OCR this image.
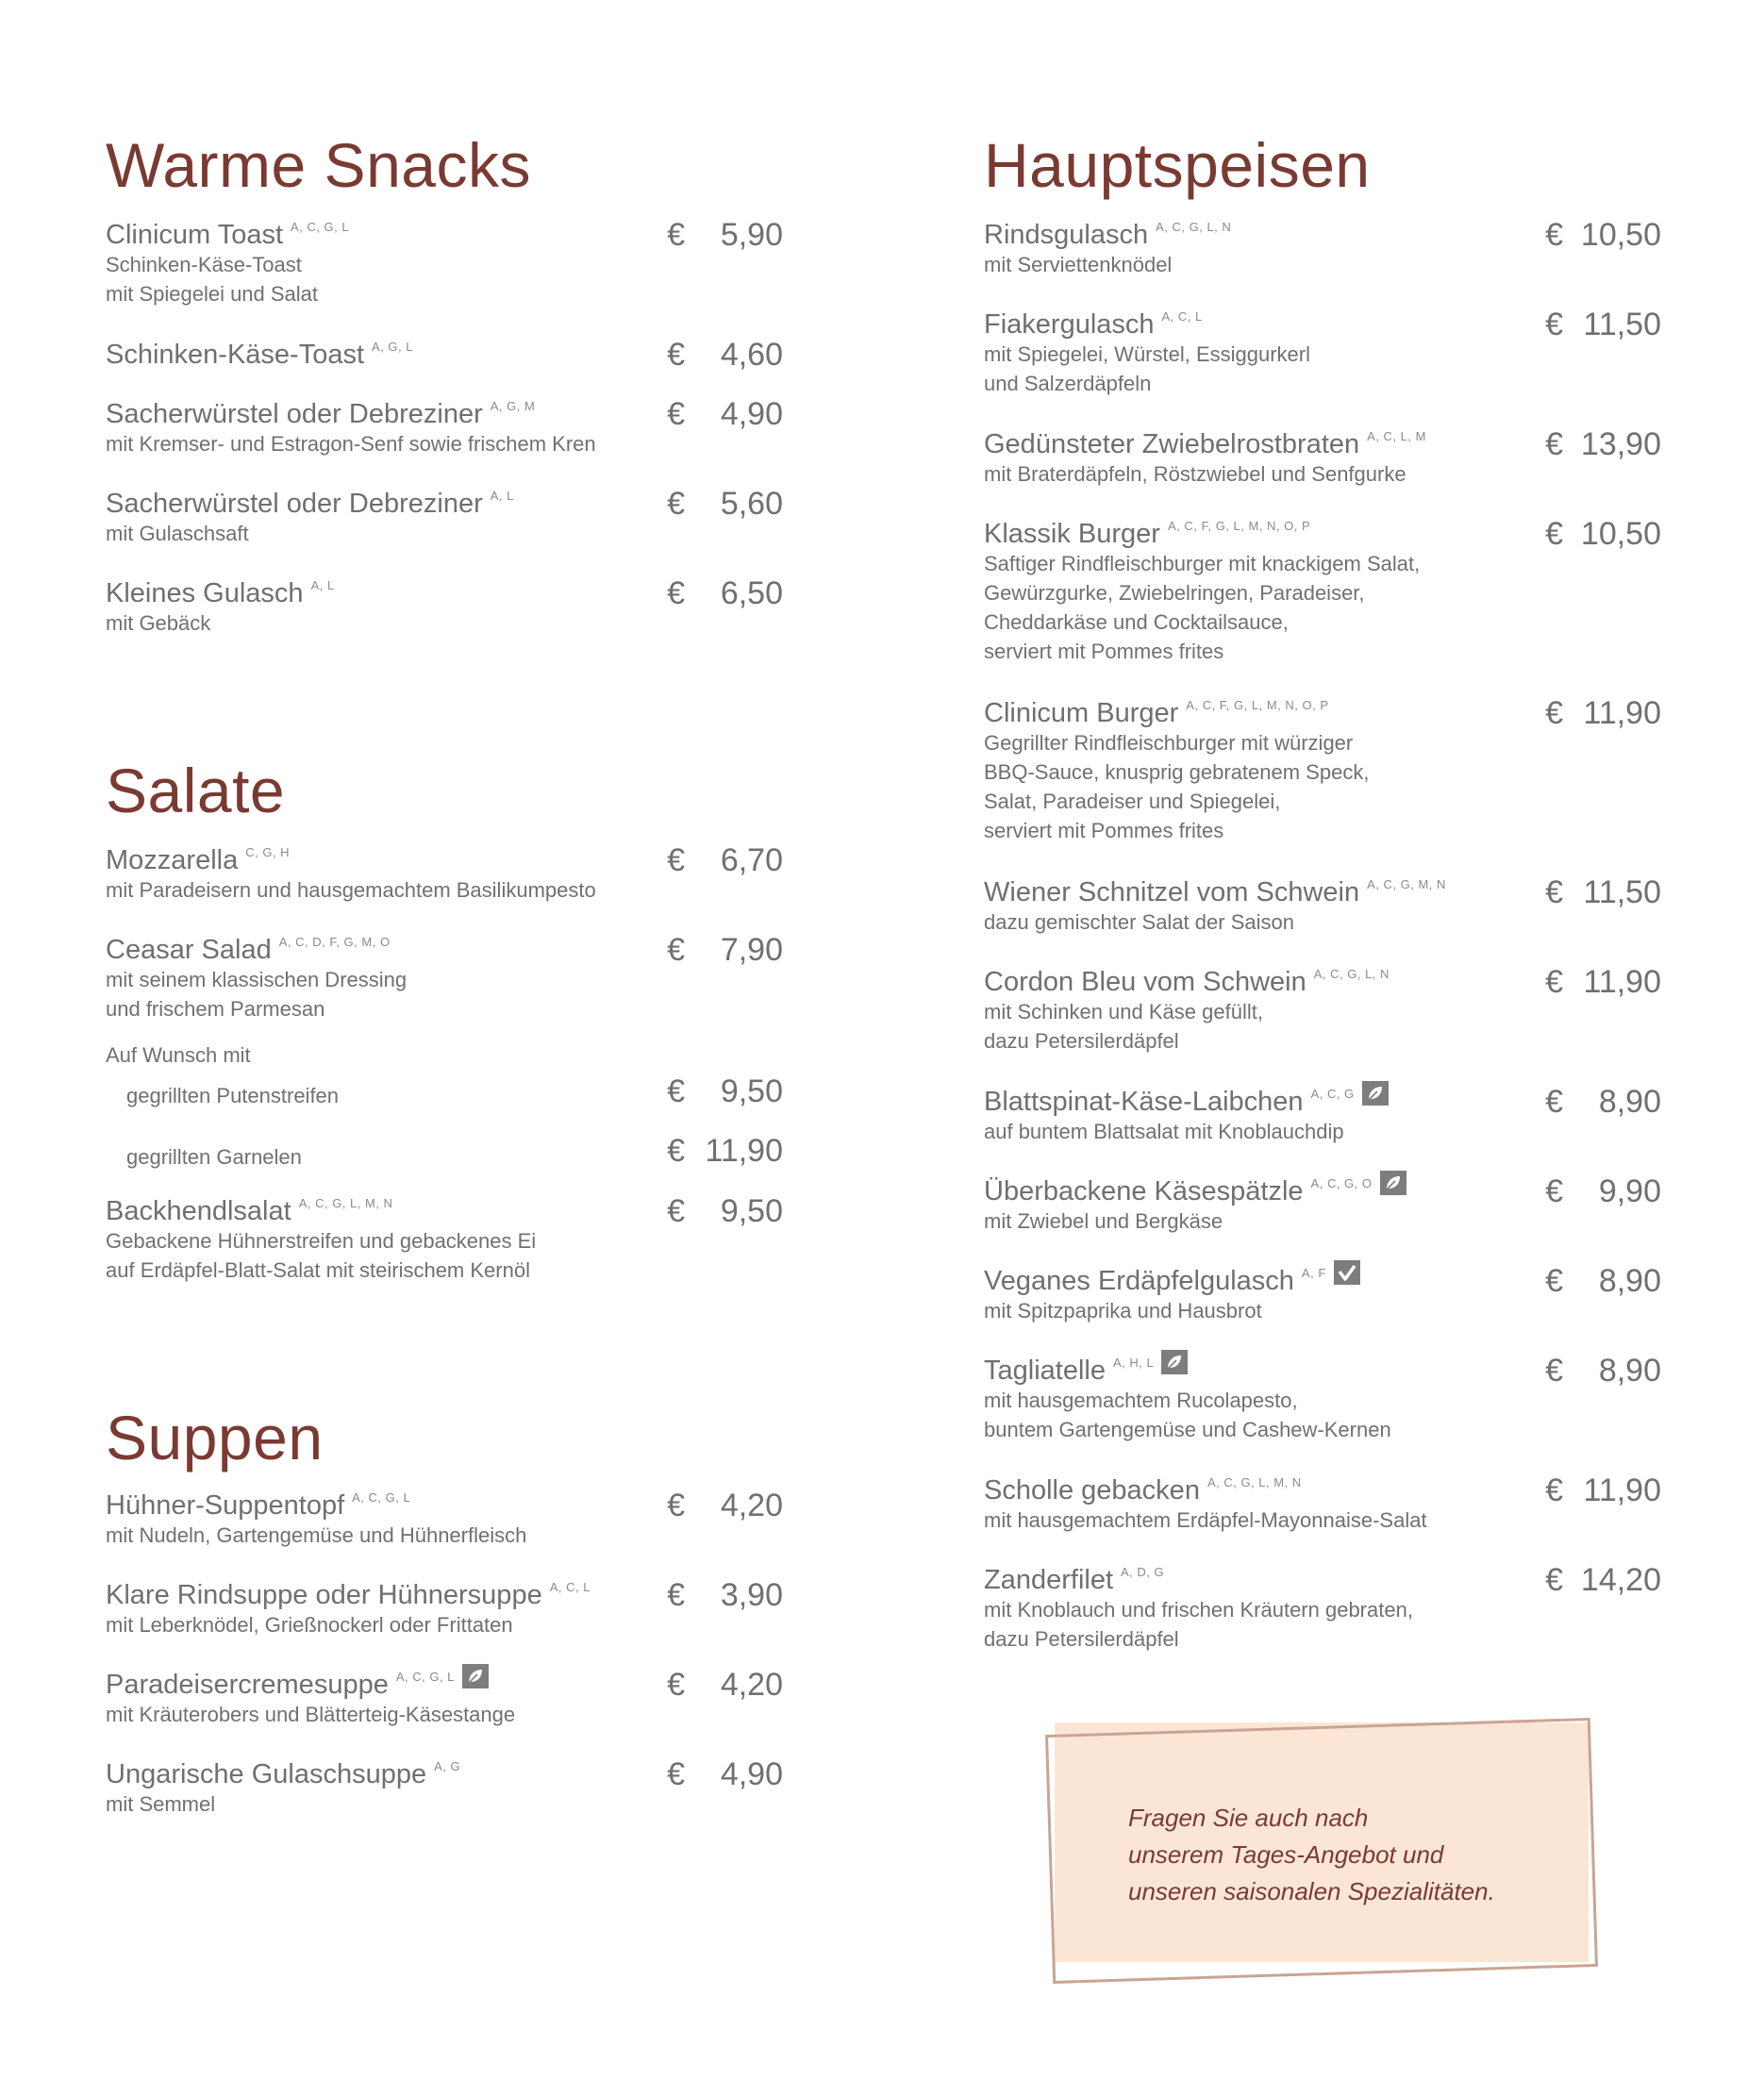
Warme Snacks
Clinicum Toast A, C, G, L
Schinken-Käse-Toast
mit Spiegelei und Salat
€ 5,90
Schinken-Käse-Toast A, G, L	€ 4,60
Sacherwürstel oder Debreziner A, G, M
mit Kremser- und Estragon-Senf sowie frischem Kren
€ 4,90
Sacherwürstel oder Debreziner A, L
mit Gulaschsaft
€ 5,60
Kleines Gulasch A, L
mit Gebäck
€ 6,50
Salate
Mozzarella C, G, H
mit Paradeisern und hausgemachtem Basilikumpesto
€ 6,70
Ceasar Salad A, C, D, F, G, M, O
mit seinem klassischen Dressing
und frischem Parmesan
€ 7,90
Auf Wunsch mit
gegrillten Putenstreifen	€ 9,50
gegrillten Garnelen	€ 11,90
Backhendlsalat A, C, G, L, M, N
Gebackene Hühnerstreifen und gebackenes Ei
auf Erdäpfel-Blatt-Salat mit steirischem Kernöl
€ 9,50
Suppen
Hühner-Suppentopf A, C, G, L
mit Nudeln, Gartengemüse und Hühnerfleisch
€ 4,20
Klare Rindsuppe oder Hühnersuppe A, C, L
mit Leberknödel, Grießnockerl oder Frittaten
€ 3,90
Paradeisercremesuppe A, C, G, L
mit Kräuterobers und Blätterteig-Käsestange
€ 4,20
Ungarische Gulaschsuppe A, G
mit Semmel
€ 4,90
Hauptspeisen
Rindsgulasch A, C, G, L, N
mit Serviettenknödel
€ 10,50
Fiakergulasch A, C, L
mit Spiegelei, Würstel, Essiggurkerl
und Salzerdäpfeln
€ 11,50
Gedünsteter Zwiebelrostbraten A, C, L, M
mit Braterdäpfeln, Röstzwiebel und Senfgurke
€ 13,90
Klassik Burger A, C, F, G, L, M, N, O, P
Saftiger Rindfleischburger mit knackigem Salat,
Gewürzgurke, Zwiebelringen, Paradeiser,
Cheddarkäse und Cocktailsauce,
serviert mit Pommes frites
€ 10,50
Clinicum Burger A, C, F, G, L, M, N, O, P
Gegrillter Rindfleischburger mit würziger
BBQ-Sauce, knusprig gebratenem Speck,
Salat, Paradeiser und Spiegelei,
serviert mit Pommes frites
€ 11,90
Wiener Schnitzel vom Schwein A, C, G, M, N
dazu gemischter Salat der Saison
€ 11,50
Cordon Bleu vom Schwein A, C, G, L, N
mit Schinken und Käse gefüllt,
dazu Petersilerdäpfel
€ 11,90
Blattspinat-Käse-Laibchen A, C, G
auf buntem Blattsalat mit Knoblauchdip
€ 8,90
Überbackene Käsespätzle A, C, G, O
mit Zwiebel und Bergkäse
€ 9,90
Veganes Erdäpfelgulasch A, F
mit Spitzpaprika und Hausbrot
€ 8,90
Tagliatelle A, H, L
mit hausgemachtem Rucolapesto,
buntem Gartengemüse und Cashew-Kernen
€ 8,90
Scholle gebacken A, C, G, L, M, N
mit hausgemachtem Erdäpfel-Mayonnaise-Salat
€ 11,90
Zanderfilet A, D, G
mit Knoblauch und frischen Kräutern gebraten,
dazu Petersilerdäpfel
€ 14,20
Fragen Sie auch nach
unserem Tages-Angebot und
unseren saisonalen Spezialitäten.
